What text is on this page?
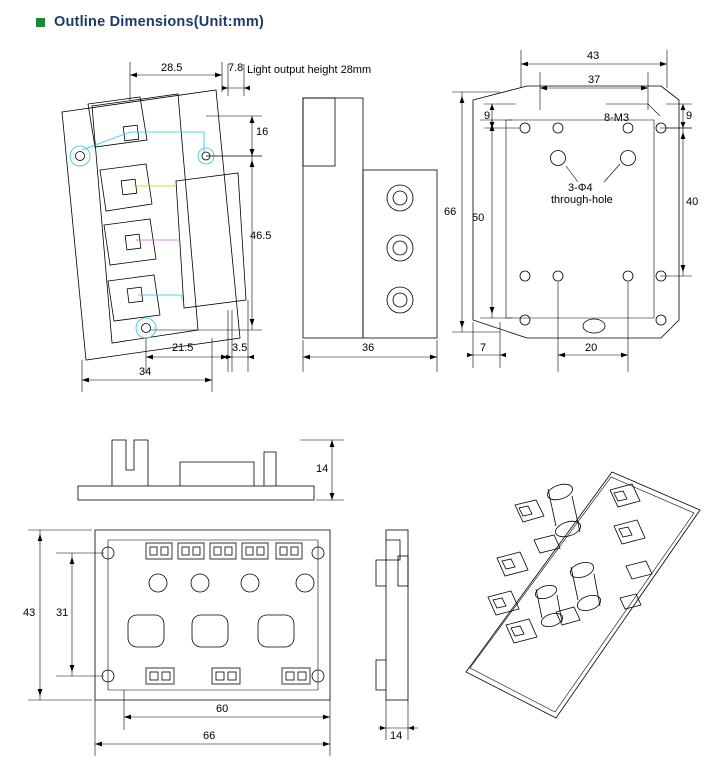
Outline Dimensions(Unit:mm)
28.5	7.8 Light output height 28mm
16
46.5
21.5	3.5
34
36
43
37
9	9
66 50
40
7	20
8-M3
3-Φ4
through-hole
14
43 31
60
66	14
